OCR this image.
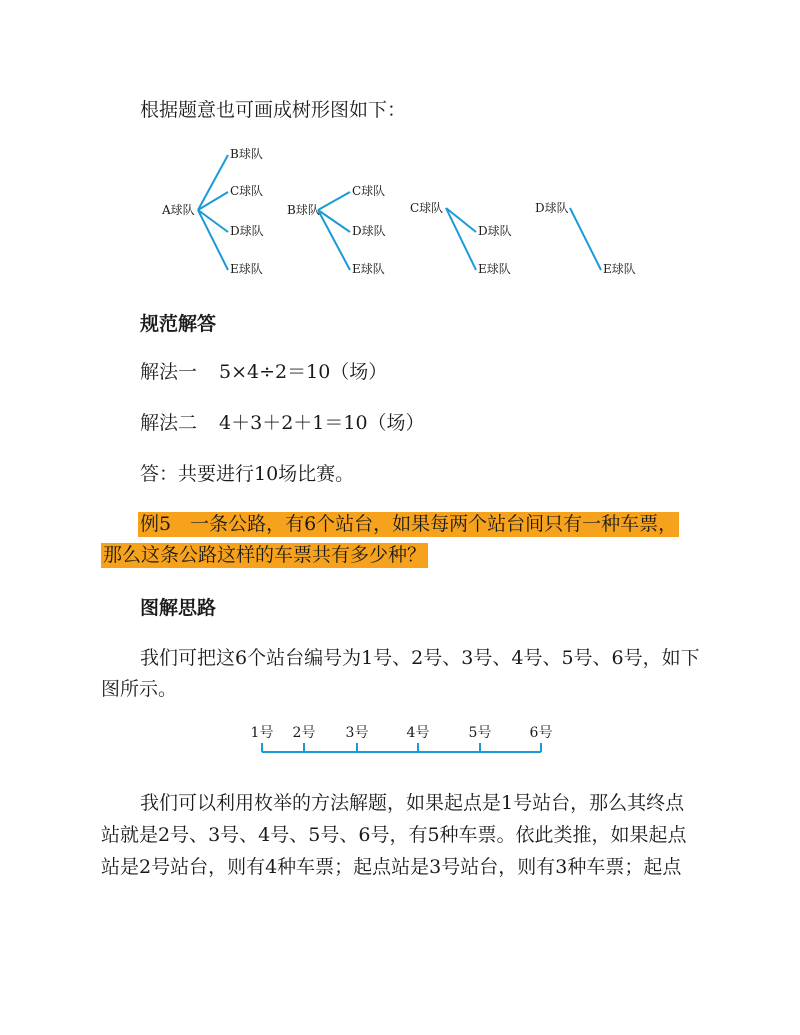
根据题意也可画成树形图如下：
A球队
B球队
C球队
D球队
E球队
B球队
C球队
D球队
E球队
C球队
D球队
E球队
D球队
E球队
规范解答
解法一 5×4÷2＝10（场）
解法二 4＋3＋2＋1＝10（场）
答：共要进行10场比赛。
例5　一条公路，有6个站台，如果每两个站台间只有一种车票，
那么这条公路这样的车票共有多少种？
图解思路
我们可把这6个站台编号为1号、2号、3号、4号、5号、6号，如下
图所示。
1号 2号 3号	4号	5号	6号
我们可以利用枚举的方法解题，如果起点是1号站台，那么其终点
站就是2号、3号、4号、5号、6号，有5种车票。依此类推，如果起点
站是2号站台，则有4种车票；起点站是3号站台，则有3种车票；起点
